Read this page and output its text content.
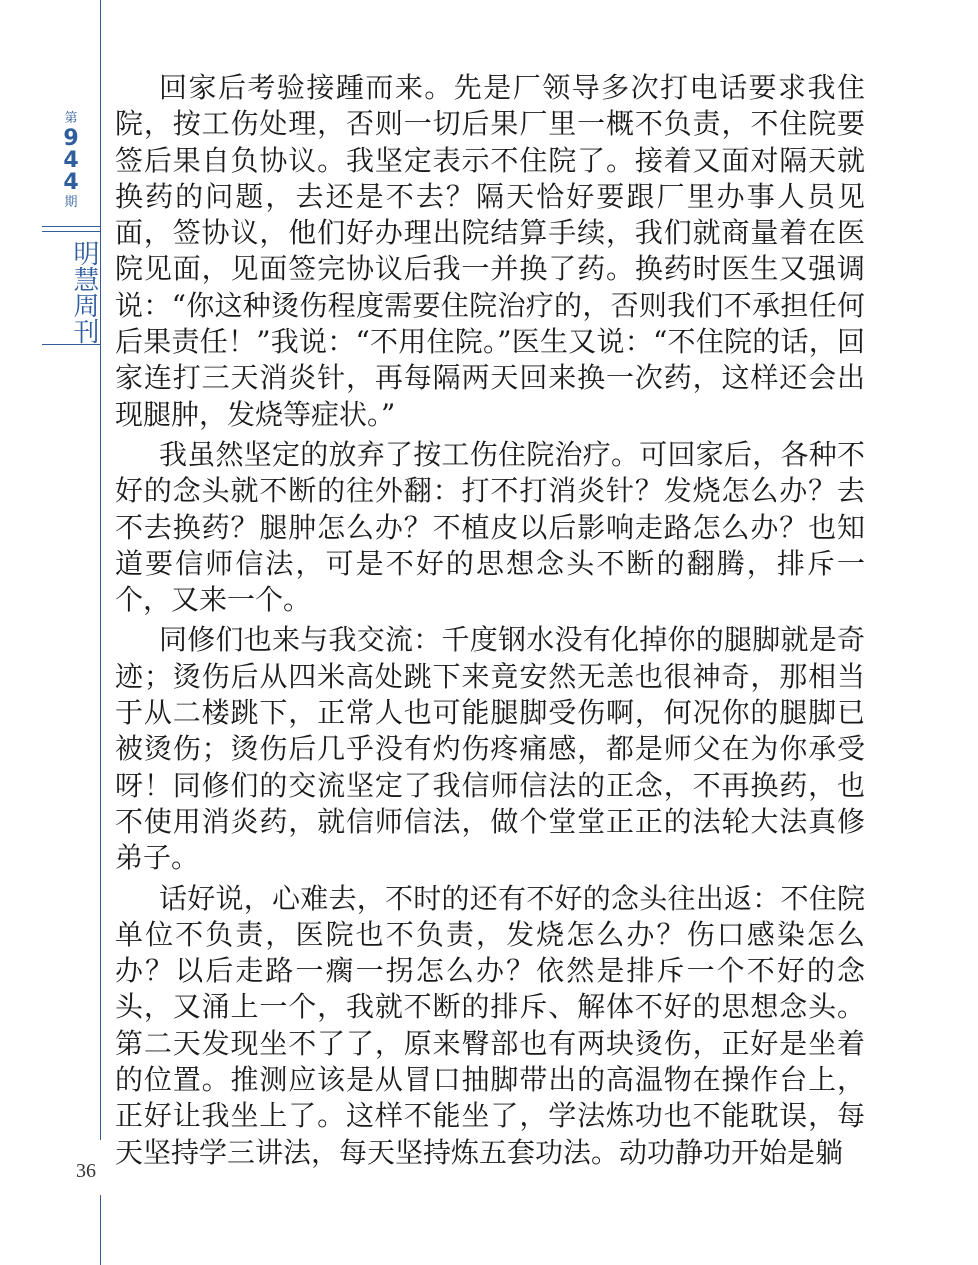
第
9
4
4
期
明慧周刊
36

回家后考验接踵而来。先是厂领导多次打电话要求我住院，按工伤处理，否则一切后果厂里一概不负责，不住院要签后果自负协议。我坚定表示不住院了。接着又面对隔天就换药的问题，去还是不去？隔天恰好要跟厂里办事人员见面，签协议，他们好办理出院结算手续，我们就商量着在医院见面，见面签完协议后我一并换了药。换药时医生又强调说：“你这种烫伤程度需要住院治疗的，否则我们不承担任何后果责任！”我说：“不用住院。”医生又说：“不住院的话，回家连打三天消炎针，再每隔两天回来换一次药，这样还会出现腿肿，发烧等症状。”

我虽然坚定的放弃了按工伤住院治疗。可回家后，各种不好的念头就不断的往外翻：打不打消炎针？发烧怎么办？去不去换药？腿肿怎么办？不植皮以后影响走路怎么办？也知道要信师信法，可是不好的思想念头不断的翻腾，排斥一个，又来一个。

同修们也来与我交流：千度钢水没有化掉你的腿脚就是奇迹；烫伤后从四米高处跳下来竟安然无恙也很神奇，那相当于从二楼跳下，正常人也可能腿脚受伤啊，何况你的腿脚已被烫伤；烫伤后几乎没有灼伤疼痛感，都是师父在为你承受呀！同修们的交流坚定了我信师信法的正念，不再换药，也不使用消炎药，就信师信法，做个堂堂正正的法轮大法真修弟子。

话好说，心难去，不时的还有不好的念头往出返：不住院单位不负责，医院也不负责，发烧怎么办？伤口感染怎么办？以后走路一瘸一拐怎么办？依然是排斥一个不好的念头，又涌上一个，我就不断的排斥、解体不好的思想念头。第二天发现坐不了了，原来臀部也有两块烫伤，正好是坐着的位置。推测应该是从冒口抽脚带出的高温物在操作台上，正好让我坐上了。这样不能坐了，学法炼功也不能耽误，每天坚持学三讲法，每天坚持炼五套功法。动功静功开始是躺
